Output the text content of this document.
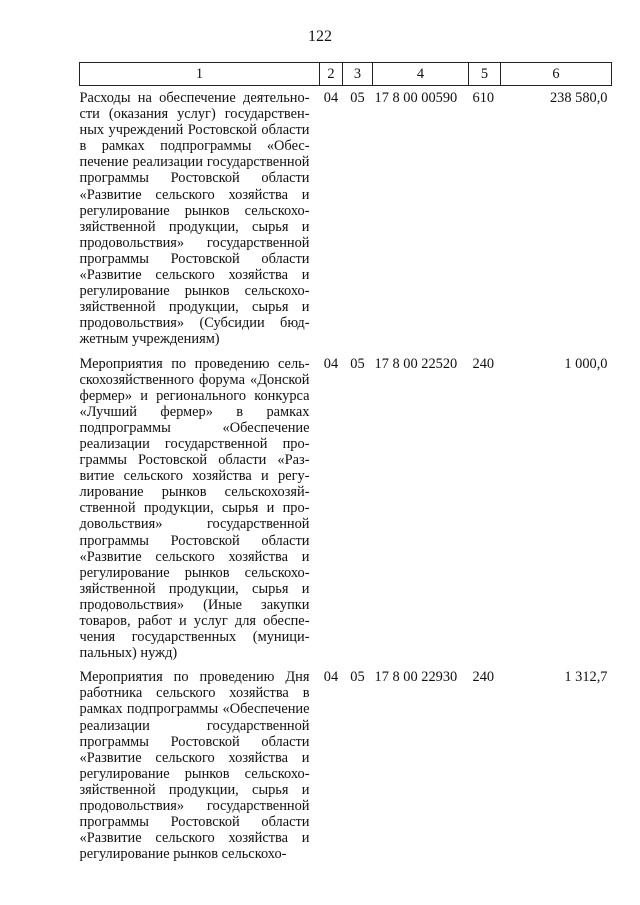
122
1	2	3	4	5	6
Расходы на обеспечение деятельности (оказания услуг) государственных учреждений Ростовской области в рамках подпрограммы «Обеспечение реализации государственной программы Ростовской области «Развитие сельского хозяйства и регулирование рынков сельскохозяйственной продукции, сырья и продовольствия» государственной программы Ростовской области «Развитие сельского хозяйства и регулирование рынков сельскохозяйственной продукции, сырья и продовольствия» (Субсидии бюджетным учреждениям)	04	05	17 8 00 00590	610	238 580,0

Мероприятия по проведению сельскохозяйственного форума «Донской фермер» и регионального конкурса «Лучший фермер» в рамках подпрограммы «Обеспечение реализации государственной программы Ростовской области «Развитие сельского хозяйства и регулирование рынков сельскохозяйственной продукции, сырья и продовольствия» государственной программы Ростовской области «Развитие сельского хозяйства и регулирование рынков сельскохозяйственной продукции, сырья и продовольствия» (Иные закупки товаров, работ и услуг для обеспечения государственных (муниципальных) нужд)	04	05	17 8 00 22520	240	1 000,0

Мероприятия по проведению Дня работника сельского хозяйства в рамках подпрограммы «Обеспечение реализации государственной программы Ростовской области «Развитие сельского хозяйства и регулирование рынков сельскохозяйственной продукции, сырья и продовольствия» государственной программы Ростовской области «Развитие сельского хозяйства и регулирование рынков сельскохо-	04	05	17 8 00 22930	240	1 312,7
